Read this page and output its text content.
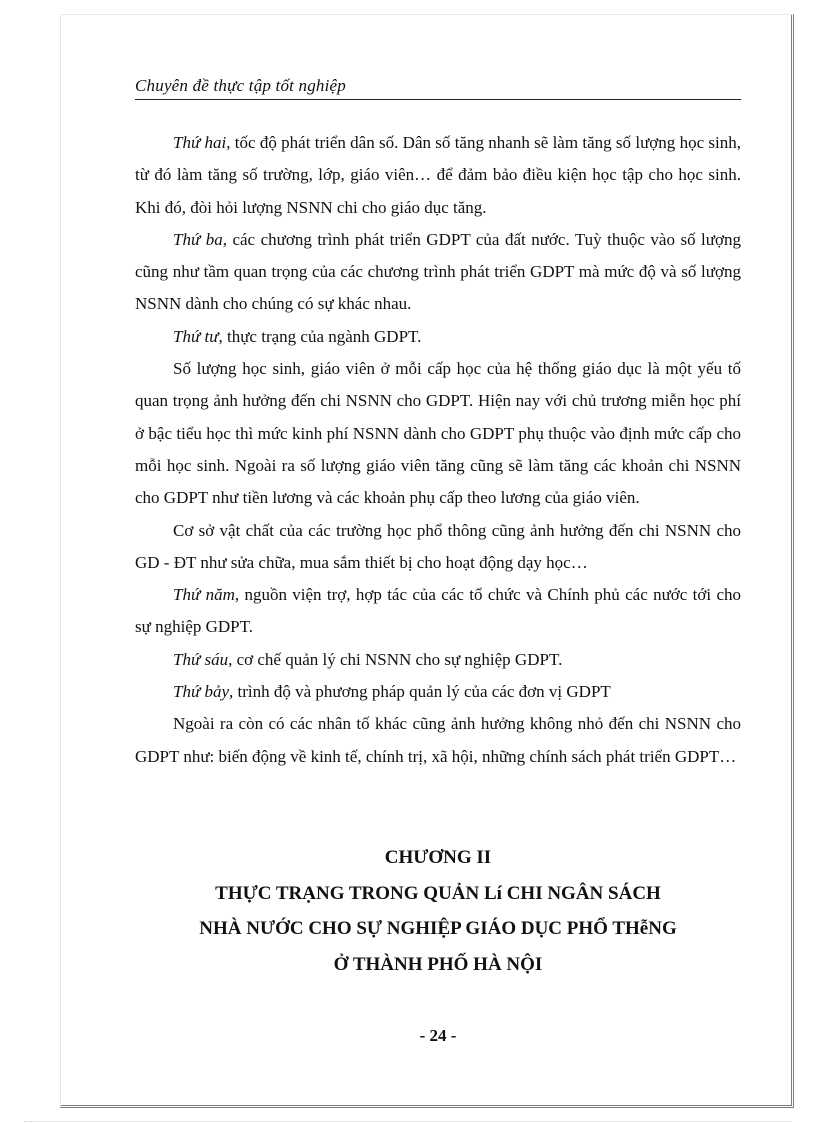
Chuyên đề thực tập tốt nghiệp

Thứ hai, tốc độ phát triển dân số. Dân số tăng nhanh sẽ làm tăng số lượng học sinh, từ đó làm tăng số trường, lớp, giáo viên… để đảm bảo điều kiện học tập cho học sinh. Khi đó, đòi hỏi lượng NSNN chi cho giáo dục tăng.

Thứ ba, các chương trình phát triển GDPT của đất nước. Tuỳ thuộc vào số lượng cũng như tầm quan trọng của các chương trình phát triển GDPT mà mức độ và số lượng NSNN dành cho chúng có sự khác nhau.

Thứ tư, thực trạng của ngành GDPT.

Số lượng học sinh, giáo viên ở mỗi cấp học của hệ thống giáo dục là một yếu tố quan trọng ảnh hưởng đến chi NSNN cho GDPT. Hiện nay với chủ trương miễn học phí ở bậc tiểu học thì mức kinh phí NSNN dành cho GDPT phụ thuộc vào định mức cấp cho mỗi học sinh. Ngoài ra số lượng giáo viên tăng cũng sẽ làm tăng các khoản chi NSNN cho GDPT như tiền lương và các khoản phụ cấp theo lương của giáo viên.

Cơ sở vật chất của các trường học phổ thông cũng ảnh hưởng đến chi NSNN cho GD - ĐT như sửa chữa, mua sắm thiết bị cho hoạt động dạy học…

Thứ năm, nguồn viện trợ, hợp tác của các tổ chức và Chính phủ các nước tới cho sự nghiệp GDPT.

Thứ sáu, cơ chế quản lý chi NSNN cho sự nghiệp GDPT.

Thứ bảy, trình độ và phương pháp quản lý của các đơn vị GDPT

Ngoài ra còn có các nhân tố khác cũng ảnh hưởng không nhỏ đến chi NSNN cho GDPT như: biến động về kinh tế, chính trị, xã hội, những chính sách phát triển GDPT…

CHƯƠNG II
THỰC TRẠNG TRONG QUẢN Lí CHI NGÂN SÁCH
NHÀ NƯỚC CHO SỰ NGHIỆP GIÁO DỤC PHỔ THễNG
Ở THÀNH PHỐ HÀ NỘI
- 24 -
